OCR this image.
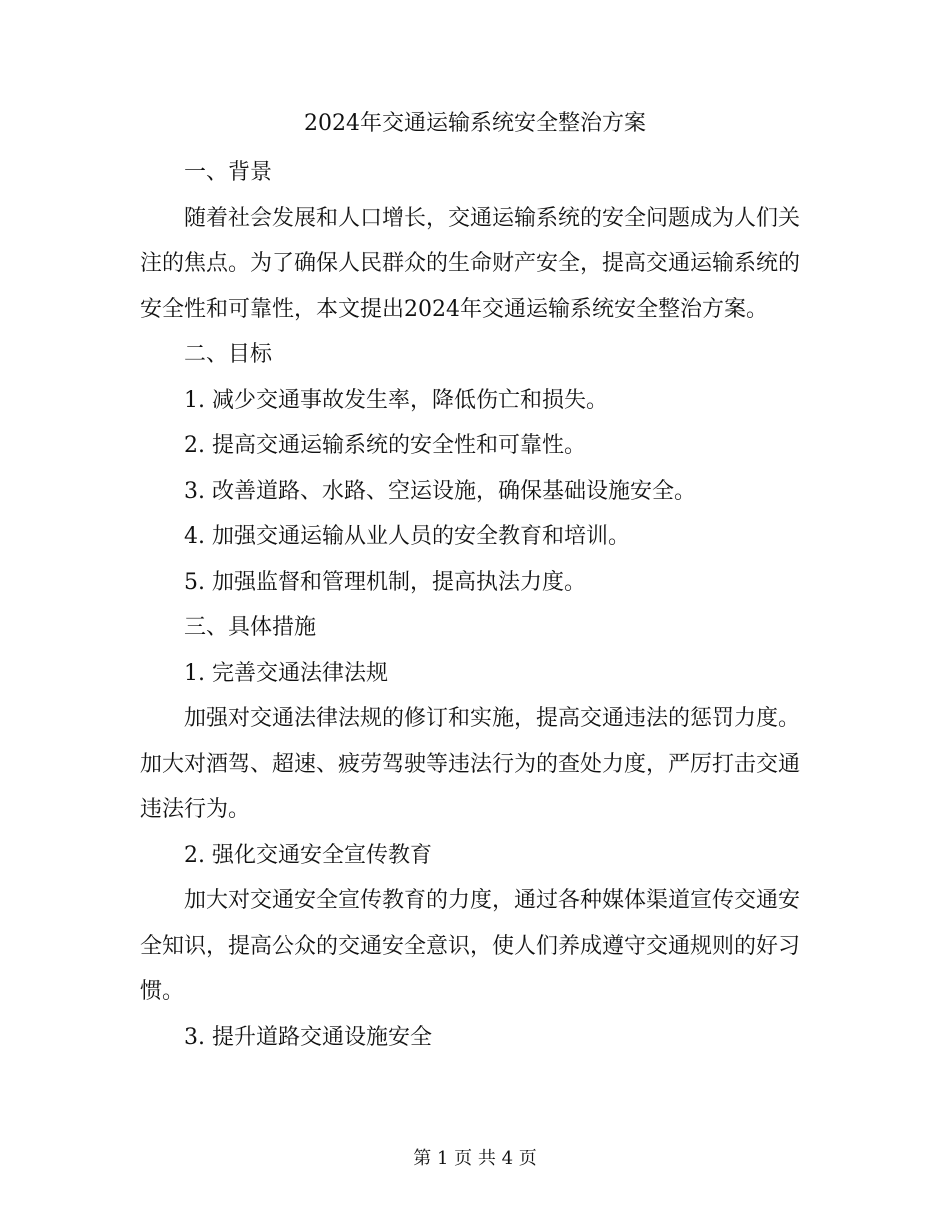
2024年交通运输系统安全整治方案

一、背景

随着社会发展和人口增长，交通运输系统的安全问题成为人们关注的焦点。为了确保人民群众的生命财产安全，提高交通运输系统的安全性和可靠性，本文提出2024年交通运输系统安全整治方案。

二、目标

1. 减少交通事故发生率，降低伤亡和损失。

2. 提高交通运输系统的安全性和可靠性。

3. 改善道路、水路、空运设施，确保基础设施安全。

4. 加强交通运输从业人员的安全教育和培训。

5. 加强监督和管理机制，提高执法力度。

三、具体措施

1. 完善交通法律法规

加强对交通法律法规的修订和实施，提高交通违法的惩罚力度。加大对酒驾、超速、疲劳驾驶等违法行为的查处力度，严厉打击交通违法行为。

2. 强化交通安全宣传教育

加大对交通安全宣传教育的力度，通过各种媒体渠道宣传交通安全知识，提高公众的交通安全意识，使人们养成遵守交通规则的好习惯。

3. 提升道路交通设施安全

第 1 页 共 4 页
